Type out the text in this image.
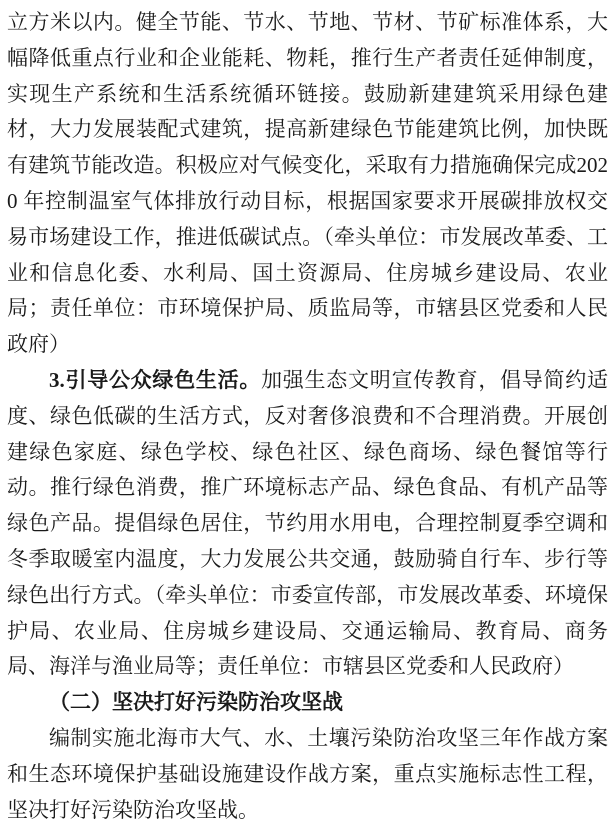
立方米以内。健全节能、节水、节地、节材、节矿标准体系，大幅降低重点行业和企业能耗、物耗，推行生产者责任延伸制度，实现生产系统和生活系统循环链接。鼓励新建建筑采用绿色建材，大力发展装配式建筑，提高新建绿色节能建筑比例，加快既有建筑节能改造。积极应对气候变化，采取有力措施确保完成2020 年控制温室气体排放行动目标，根据国家要求开展碳排放权交易市场建设工作，推进低碳试点。（牵头单位：市发展改革委、工业和信息化委、水利局、国土资源局、住房城乡建设局、农业局；责任单位：市环境保护局、质监局等，市辖县区党委和人民政府）

3.引导公众绿色生活。加强生态文明宣传教育，倡导简约适度、绿色低碳的生活方式，反对奢侈浪费和不合理消费。开展创建绿色家庭、绿色学校、绿色社区、绿色商场、绿色餐馆等行动。推行绿色消费，推广环境标志产品、绿色食品、有机产品等绿色产品。提倡绿色居住，节约用水用电，合理控制夏季空调和冬季取暖室内温度，大力发展公共交通，鼓励骑自行车、步行等绿色出行方式。（牵头单位：市委宣传部，市发展改革委、环境保护局、农业局、住房城乡建设局、交通运输局、教育局、商务局、海洋与渔业局等；责任单位：市辖县区党委和人民政府）

（二）坚决打好污染防治攻坚战

编制实施北海市大气、水、土壤污染防治攻坚三年作战方案和生态环境保护基础设施建设作战方案，重点实施标志性工程，坚决打好污染防治攻坚战。
